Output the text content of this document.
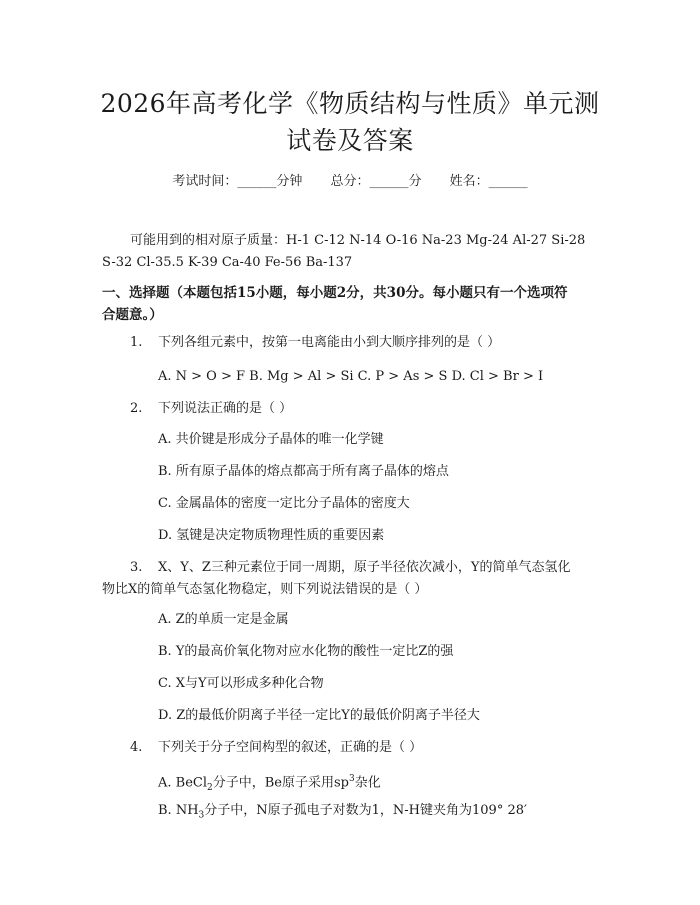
2026年高考化学《物质结构与性质》单元测
试卷及答案
考试时间：______分钟 总分：______分 姓名：______
可能用到的相对原子质量：H-1 C-12 N-14 O-16 Na-23 Mg-24 Al-27 Si-28
S-32 Cl-35.5 K-39 Ca-40 Fe-56 Ba-137
一、选择题（本题包括15小题，每小题2分，共30分。每小题只有一个选项符
合题意。）
1. 下列各组元素中，按第一电离能由小到大顺序排列的是（ ）
A. N > O > F B. Mg > Al > Si C. P > As > S D. Cl > Br > I
2. 下列说法正确的是（ ）
A. 共价键是形成分子晶体的唯一化学键
B. 所有原子晶体的熔点都高于所有离子晶体的熔点
C. 金属晶体的密度一定比分子晶体的密度大
D. 氢键是决定物质物理性质的重要因素
3. X、Y、Z三种元素位于同一周期，原子半径依次减小，Y的简单气态氢化
物比X的简单气态氢化物稳定，则下列说法错误的是（ ）
A. Z的单质一定是金属
B. Y的最高价氧化物对应水化物的酸性一定比Z的强
C. X与Y可以形成多种化合物
D. Z的最低价阴离子半径一定比Y的最低价阴离子半径大
4. 下列关于分子空间构型的叙述，正确的是（ ）
A. BeCl$_2$分子中，Be原子采用$sp^3$杂化
B. $NH_3$分子中，N原子孤电子对数为1，N-H键夹角为109° 28′
